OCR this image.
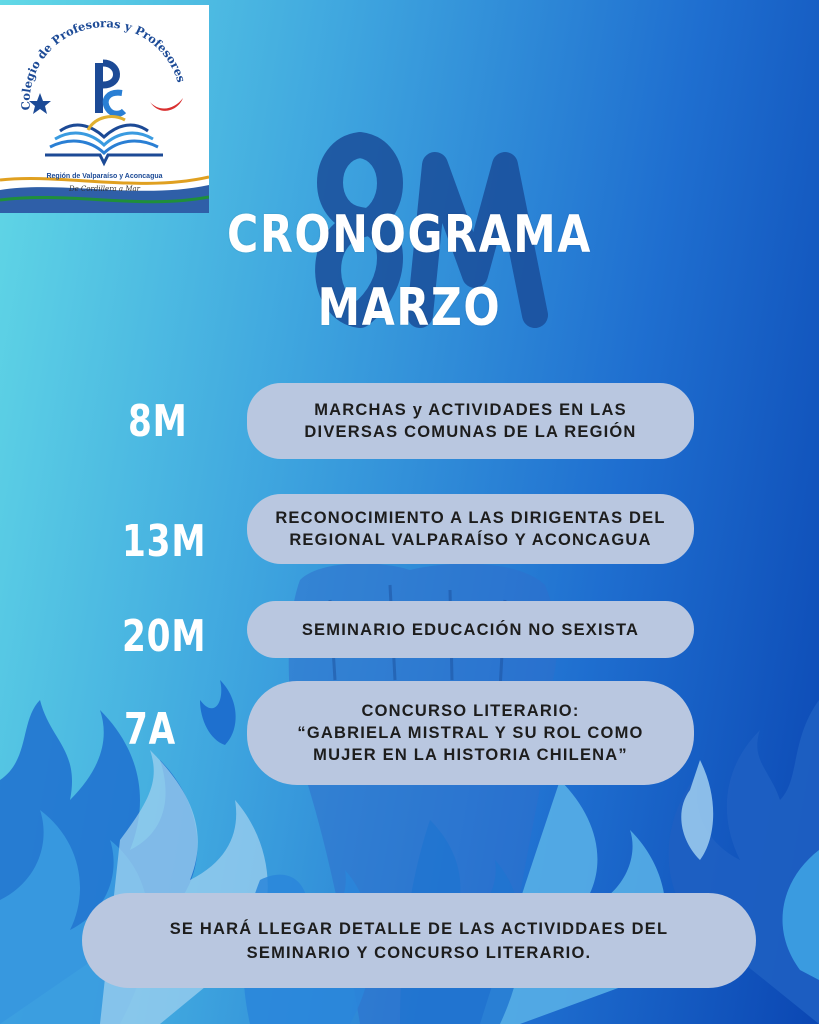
Colegio de Profesoras y Profesores
Región de Valparaíso y Aconcagua
De Cordillera a Mar
CRONOGRAMA
MARZO
8M	MARCHAS y ACTIVIDADES EN LAS
DIVERSAS COMUNAS DE LA REGIÓN
13M	RECONOCIMIENTO A LAS DIRIGENTAS DEL
REGIONAL VALPARAÍSO Y ACONCAGUA
20M	SEMINARIO EDUCACIÓN NO SEXISTA
7A	CONCURSO LITERARIO:
“GABRIELA MISTRAL Y SU ROL COMO
MUJER EN LA HISTORIA CHILENA”
SE HARÁ LLEGAR DETALLE DE LAS ACTIVIDDAES DEL
SEMINARIO Y CONCURSO LITERARIO.
